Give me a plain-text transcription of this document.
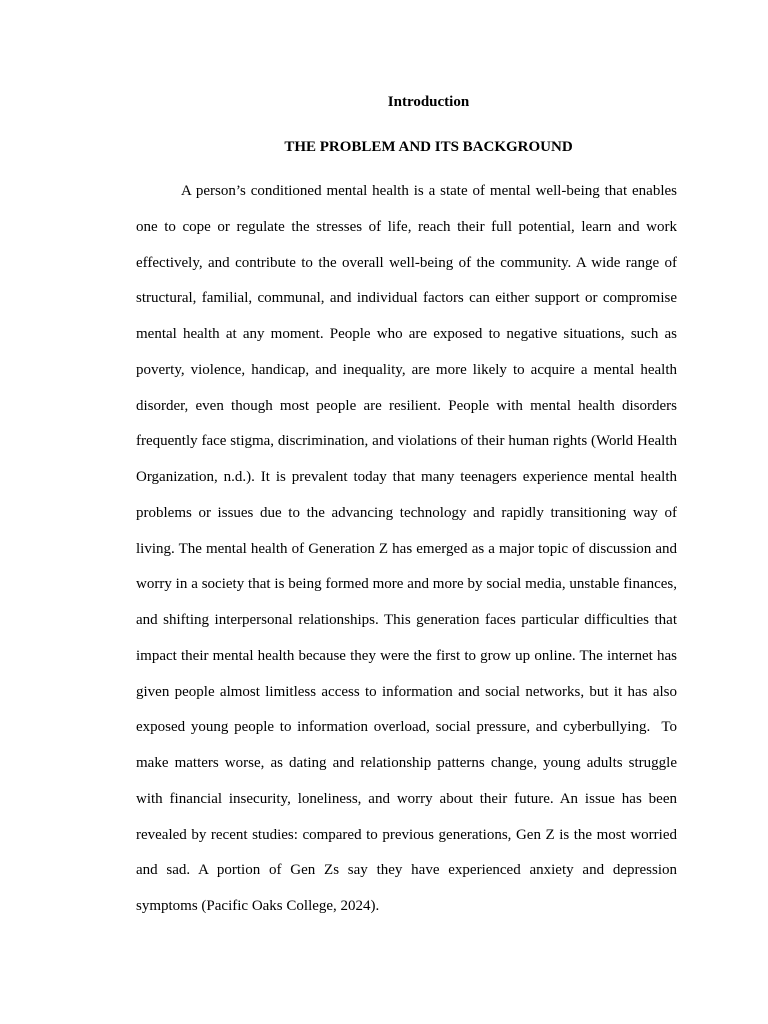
Introduction
THE PROBLEM AND ITS BACKGROUND

A person’s conditioned mental health is a state of mental well-being that enables one to cope or regulate the stresses of life, reach their full potential, learn and work effectively, and contribute to the overall well-being of the community. A wide range of structural, familial, communal, and individual factors can either support or compromise mental health at any moment. People who are exposed to negative situations, such as poverty, violence, handicap, and inequality, are more likely to acquire a mental health disorder, even though most people are resilient. People with mental health disorders frequently face stigma, discrimination, and violations of their human rights (World Health Organization, n.d.). It is prevalent today that many teenagers experience mental health problems or issues due to the advancing technology and rapidly transitioning way of living. The mental health of Generation Z has emerged as a major topic of discussion and worry in a society that is being formed more and more by social media, unstable finances, and shifting interpersonal relationships. This generation faces particular difficulties that impact their mental health because they were the first to grow up online. The internet has given people almost limitless access to information and social networks, but it has also exposed young people to information overload, social pressure, and cyberbullying.  To make matters worse, as dating and relationship patterns change, young adults struggle with financial insecurity, loneliness, and worry about their future. An issue has been revealed by recent studies: compared to previous generations, Gen Z is the most worried and sad. A portion of Gen Zs say they have experienced anxiety and depression symptoms (Pacific Oaks College, 2024).
